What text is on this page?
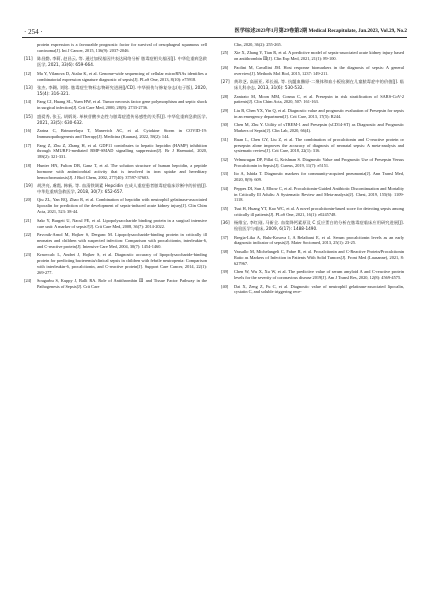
· 254 ·	医学综述2023年1月第29卷第2期 Medical Recapitulate, Jan.2023, Vol.29, No.2

protein expression is a favourable prognostic factor for survival of oesophageal squamous cell carcinoma[J]. Int J Cancer, 2015, 136(9): 2037-2046.

[11] 陈昌勤, 李莉, 赵昌云, 等. 通过加权基因共表达网络分析 脓毒症相关基因[J]. 中华危重病急救医学, 2021, 33(6): 659-664.

[12] Ma Y, Vilanova D, Atalar K, et al. Genome-wide sequencing of cellular microRNAs identifies a combinatorial expression signature diagnostic of sepsis[J]. PLoS One, 2013, 8(10): e75918.

[13] 张杰, 李翱, 刘铭. 脓毒症生物标志物研究进展[J/CD]. 中华损伤与修复杂志(电子版), 2020, 15(4): 316-321.

[14] Fang CJ, Huang SL, Yuen HW, et al. Tumor necrosis factor gene polymorphism and septic shock in surgical infection[J]. Crit Care Med, 2000, 28(8): 2733-2736.

[15] 盛爱秀, 张玉, 胡炳英. 单核苷酸多态性与脓毒症遗传易感性的关系[J]. 中华危重病急救医学, 2021, 33(5): 630-632.

[16] Zarina C, Brimavelaya T, Manevich AC, et al. Cytokine Storm in COVID-19: Immunopathogenesis and Therapy[J]. Medicina (Kaunas), 2022, 58(2): 144.

[17] Fang Z, Zhu Z, Zhang H, et al. GDF11 contributes to hepatic hepcidin (HAMP) inhibition through SMURF1-mediated BMP-SMAD signalling suppression[J]. Br J Haematol, 2020, 188(2): 321-331.

[18] Hunter HN, Fulton DB, Ganz T, et al. The solution structure of human hepcidin, a peptide hormone with antimicrobial activity that is involved in iron uptake and hereditary hemochromatosis[J]. J Biol Chem, 2002, 277(40): 37597-37603.

[19] 胡洪亮, 虞霞, 韩新, 等. 血清铁调素 Hepcidin 在成人重症患者脓毒症临床诊断中的价值[J]. 中华危重病急救医学, 2018, 30(7): 652-657.

[20] Qiu ZL, Yan BQ, Zhao R, et al. Combination of hepcidin with neutrophil gelatinase-associated lipocalin for prediction of the development of sepsis-induced acute kidney injury[J]. Clin Chim Acta, 2021, 523: 38-44.

[21] Sakr Y, Burgett U, Nacul FE, et al. Lipopolysaccharide binding protein in a surgical intensive care unit: A marker of sepsis?[J]. Crit Care Med, 2008, 36(7): 2014-2022.

[22] Pavcnik-Arnol M, Hojker S, Derganc M. Lipopolysaccharide-binding protein in critically ill neonates and children with suspected infection: Comparison with procalcitonin, interleukin-6, and C-reactive protein[J]. Intensive Care Med, 2004, 30(7): 1454-1460.

[23] Krnovcalc L, Andrei J, Hojker S, et al. Diagnostic accuracy of lipopolysaccharide-binding protein for predicting bacteremia/clinical sepsis in children with febrile neutropenia: Comparison with interleukin-6, procalcitonin, and C-reactive protein[J]. Support Care Cancer, 2014, 22(1): 269-277.

[24] Sougarbu S, Kuppy J, Balli RA. Role of Antithrombin Ⅲ and Tissue Factor Pathway in the Pathogenesis of Sepsis[J]. Crit Care

Clin, 2020, 36(2): 255-265.

[25] Xie X, Zhang Y, Tian R, et al. A predictive model of sepsis-associated acute kidney injury based on antithrombin Ⅲ[J]. Clin Exp Med, 2021, 21(1): 89-100.

[26] Paolini M, Cavallini JM. Host response biomarkers in the diagnosis of sepsis: A general overview[J]. Methods Mol Biol, 2015, 1237: 149-211.

[27] 黄珍芝, 高丽亚, 邓长福, 等. 抗髓血酶原-二聚体和血小板检测在儿童脓毒症中的价值[J]. 临床儿科杂志, 2013, 31(6): 530-532.

[28] Zanirato M, Moon MM, Cosma C, et al. Presepsin in risk stratification of SARS-CoV-2 patients[J]. Clin Chim Acta, 2020, 507: 161-163.

[29] Liu B, Chen YX, Yin Q, et al. Diagnostic value and prognostic evaluation of Presepsin for sepsis in an emergency department[J]. Crit Care, 2013, 17(5): R244.

[30] Chen M, Zhu Y. Utility of sTREM-1 and Presepsin (sCD14-ST) as Diagnostic and Prognostic Markers of Sepsis[J]. Clin Lab, 2020, 66(4).

[31] Ruan L, Chen GY, Liu Z, et al. The combination of procalcitonin and C-reactive protein or presepsin alone improves the accuracy of diagnosis of neonatal sepsis: A meta-analysis and systematic review[J]. Crit Care, 2018, 22(1): 316.

[32] Velmurugan DP, Pillai G, Krishnan S. Diagnostic Value and Prognostic Use of Presepsin Versus Procalcitonin in Sepsis[J]. Cureus, 2019, 11(7): e5151.

[33] Ito A, Ishida T. Diagnostic markers for community-acquired pneumonia[J]. Ann Transl Med, 2020, 8(9): 609.

[34] Peppes DI, Sun J, Elbow C, et al. Procalcitonin-Guided Antibiotic Discontinuation and Mortality in Critically Ill Adults: A Systematic Review and Meta-analysis[J]. Chest, 2019, 155(6): 1109-1118.

[35] Tsui H, Huang YT, Kao WC, et al. A novel procalcitonin-based score for detecting sepsis among critically ill patients[J]. PLoS One, 2021, 16(1): e0245748.

[36] 杨维宝, 李红刚, 马新全. 血浆降钙素原及 C 反应蛋白的分析在脓毒症临床应用研究进展[J]. 检验医学与临床, 2009, 6(17): 1488-1490.

[37] Bregia-Lika A, Bulu-Kosova I, A Belaibani E, et al. Serum procalcitonin levels as an early diagnostic indicator of sepsis[J]. Mater Sociomed, 2013, 25(1): 23-25.

[38] Vassallo M, Michelangeli C, Fabre R, et al. Procalcitonin and C-Reactive Protein/Procalcitonin Ratio as Markers of Infection in Patients With Solid Tumors[J]. Front Med (Lausanne), 2021, 8: 627967.

[39] Chen W, Wu X, Xu W, et al. The predictive value of serum amyloid A and C-reactive protein levels for the severity of coronavirus disease 2019[J]. Am J Transl Res, 2020, 12(8): 4569-4575.

[40] Dai X, Zeng Z, Fu C, et al. Diagnostic value of neutrophil gelatinase-associated lipocalin, cystatin C, and soluble triggering rece-
